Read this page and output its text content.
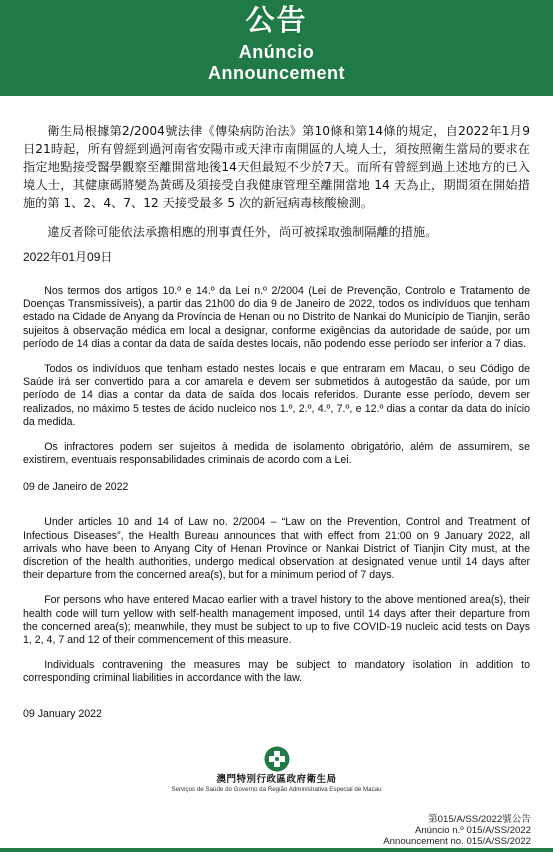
公告
Anúncio
Announcement

衛生局根據第2/2004號法律《傳染病防治法》第10條和第14條的規定，自2022年1月9日21時起，所有曾經到過河南省安陽市或天津市南開區的人境人士，須按照衛生當局的要求在指定地點接受醫學觀察至離開當地後14天但最短不少於7天。而所有曾經到過上述地方的已入境人士，其健康碼將變為黃碼及須接受自我健康管理至離開當地 14 天為止，期間須在開始措施的第 1、2、4、7、12 天接受最多 5 次的新冠病毒核酸檢測。

違反者除可能依法承擔相應的刑事責任外，尚可被採取強制隔離的措施。

2022年01月09日

Nos termos dos artigos 10.º e 14.º da Lei n.º 2/2004 (Lei de Prevenção, Controlo e Tratamento de Doenças Transmissíveis), a partir das 21h00 do dia 9 de Janeiro de 2022, todos os indivíduos que tenham estado na Cidade de Anyang da Província de Henan ou no Distrito de Nankai do Município de Tianjin, serão sujeitos à observação médica em local a designar, conforme exigências da autoridade de saúde, por um período de 14 dias a contar da data de saída destes locais, não podendo esse período ser inferior a 7 dias.

Todos os indivíduos que tenham estado nestes locais e que entraram em Macau, o seu Código de Saúde irá ser convertido para a cor amarela e devem ser submetidos à autogestão da saúde, por um período de 14 dias a contar da data de saída dos locais referidos. Durante esse período, devem ser realizados, no máximo 5 testes de ácido nucleico nos 1.º, 2.º, 4.º, 7.º, e 12.º dias a contar da data do início da medida.

Os infractores podem ser sujeitos à medida de isolamento obrigatório, além de assumirem, se existirem, eventuais responsabilidades criminais de acordo com a Lei.

09 de Janeiro de 2022

Under articles 10 and 14 of Law no. 2/2004 – “Law on the Prevention, Control and Treatment of Infectious Diseases”, the Health Bureau announces that with effect from 21:00 on 9 January 2022, all arrivals who have been to Anyang City of Henan Province or Nankai District of Tianjin City must, at the discretion of the health authorities, undergo medical observation at designated venue until 14 days after their departure from the concerned area(s), but for a minimum period of 7 days.

For persons who have entered Macao earlier with a travel history to the above mentioned area(s), their health code will turn yellow with self-health management imposed, until 14 days after their departure from the concerned area(s); meanwhile, they must be subject to up to five COVID-19 nucleic acid tests on Days 1, 2, 4, 7 and 12 of their commencement of this measure.

Individuals contravening the measures may be subject to mandatory isolation in addition to corresponding criminal liabilities in accordance with the law.

09 January 2022

澳門特別行政區政府衛生局
Serviços de Saúde do Governo da Região Administrativa Especial de Macau
第015/A/SS/2022號公告
Anúncio n.º 015/A/SS/2022
Announcement no. 015/A/SS/2022
